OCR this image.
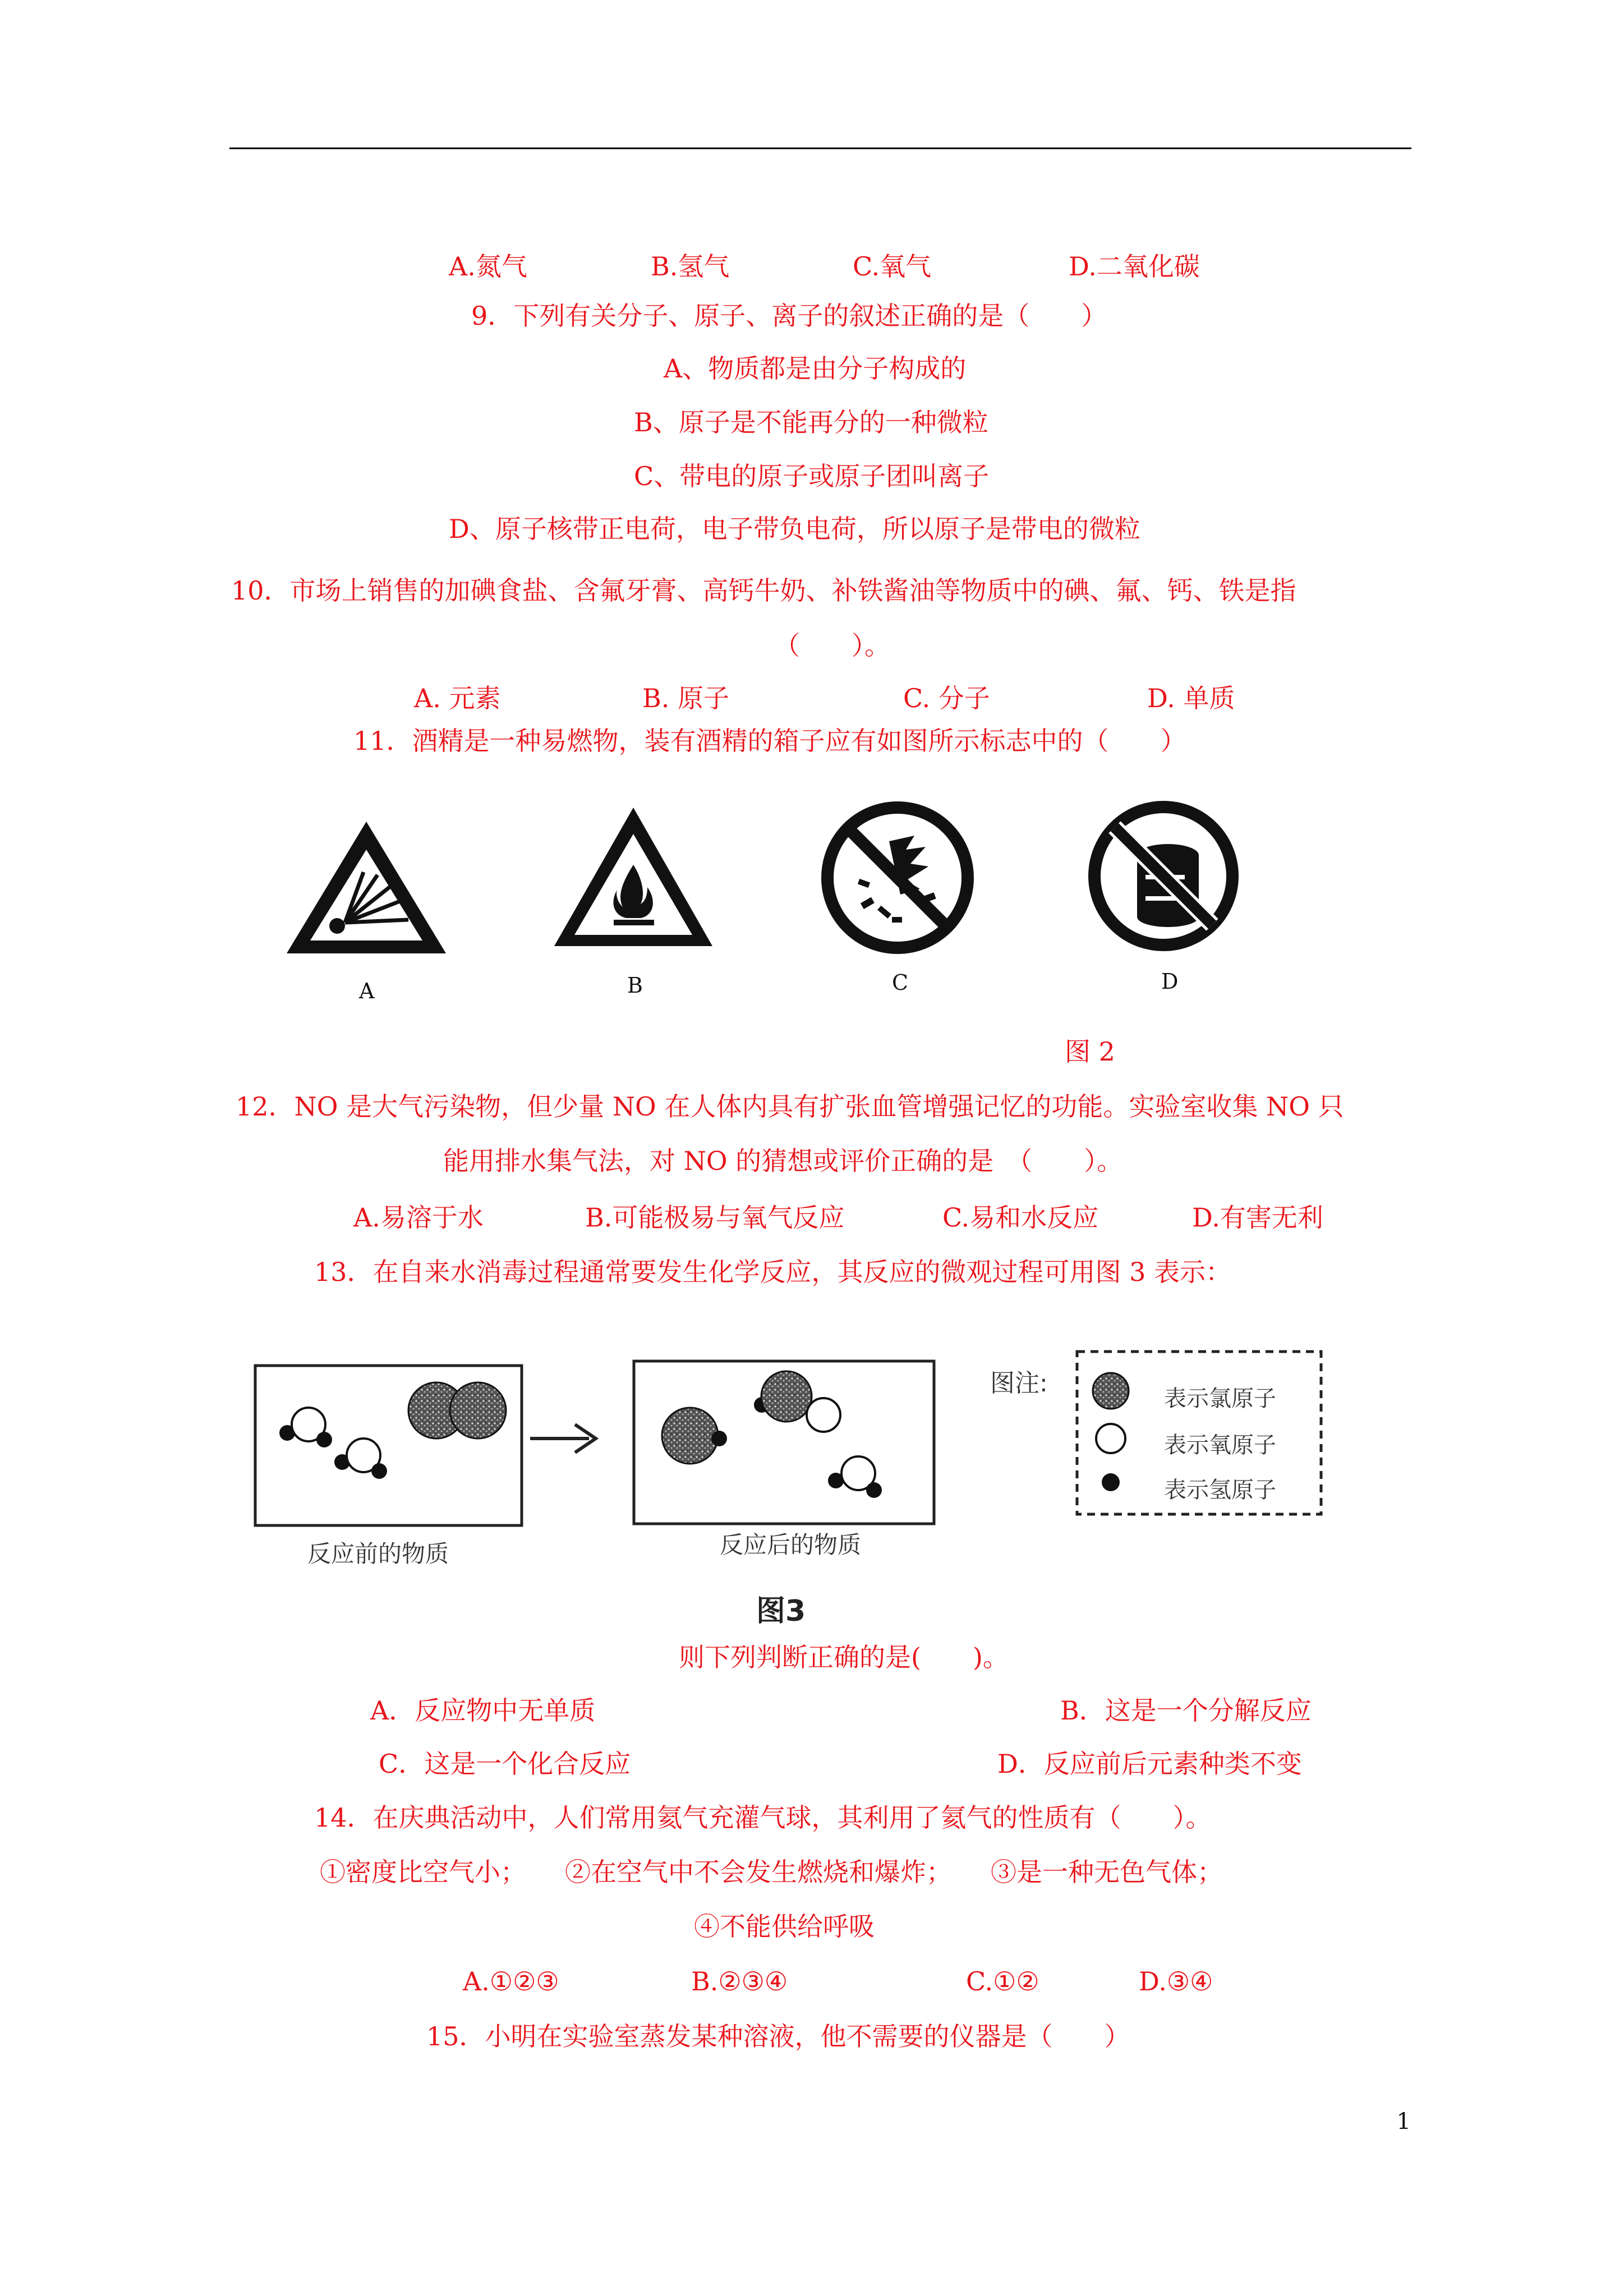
A.氮气	B.氢气	C.氧气	D.二氧化碳
9．下列有关分子、原子、离子的叙述正确的是（　　）
A、物质都是由分子构成的
B、原子是不能再分的一种微粒
C、带电的原子或原子团叫离子
D、原子核带正电荷，电子带负电荷，所以原子是带电的微粒
10．市场上销售的加碘食盐、含氟牙膏、高钙牛奶、补铁酱油等物质中的碘、氟、钙、铁是指
（　　）。
A. 元素	B. 原子	C. 分子	D. 单质
11．酒精是一种易燃物，装有酒精的箱子应有如图所示标志中的（　　）
A	B	C	D
图 2
12．NO 是大气污染物，但少量 NO 在人体内具有扩张血管增强记忆的功能。实验室收集 NO 只
能用排水集气法，对 NO 的猜想或评价正确的是　（　　）。
A.易溶于水	B.可能极易与氧气反应	C.易和水反应	D.有害无利
13．在自来水消毒过程通常要发生化学反应，其反应的微观过程可用图 3 表示：
图注:
表示氯原子
表示氧原子
表示氢原子
反应前的物质	反应后的物质
图3
则下列判断正确的是(　　)。
A．反应物中无单质	B．这是一个分解反应
C．这是一个化合反应	D．反应前后元素种类不变
14．在庆典活动中，人们常用氦气充灌气球，其利用了氦气的性质有（　　）。
①密度比空气小；　　②在空气中不会发生燃烧和爆炸；　　③是一种无色气体；
④不能供给呼吸
A.①②③	B.②③④	C.①②	D.③④
15．小明在实验室蒸发某种溶液，他不需要的仪器是（　　）
1
